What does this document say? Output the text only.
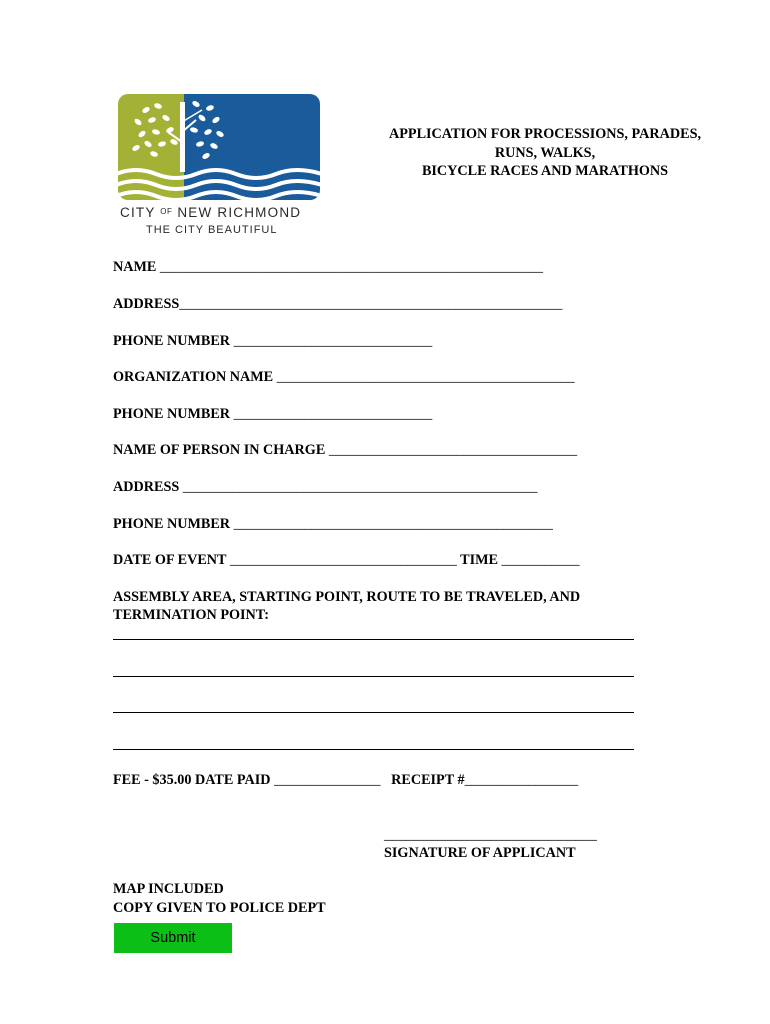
CITY $^{OF}$ NEW RICHMOND
THE CITY BEAUTIFUL
APPLICATION FOR PROCESSIONS, PARADES,
RUNS, WALKS,
BICYCLE RACES AND MARATHONS
NAME ______________________________________________________
ADDRESS______________________________________________________
PHONE NUMBER ____________________________
ORGANIZATION NAME __________________________________________
PHONE NUMBER ____________________________
NAME OF PERSON IN CHARGE ___________________________________
ADDRESS __________________________________________________
PHONE NUMBER _____________________________________________
DATE OF EVENT ________________________________ TIME ___________
ASSEMBLY AREA, STARTING POINT, ROUTE TO BE TRAVELED, AND
TERMINATION POINT:
FEE - $35.00 DATE PAID _______________ RECEIPT #________________
______________________________
SIGNATURE OF APPLICANT
MAP INCLUDED
COPY GIVEN TO POLICE DEPT
Submit
